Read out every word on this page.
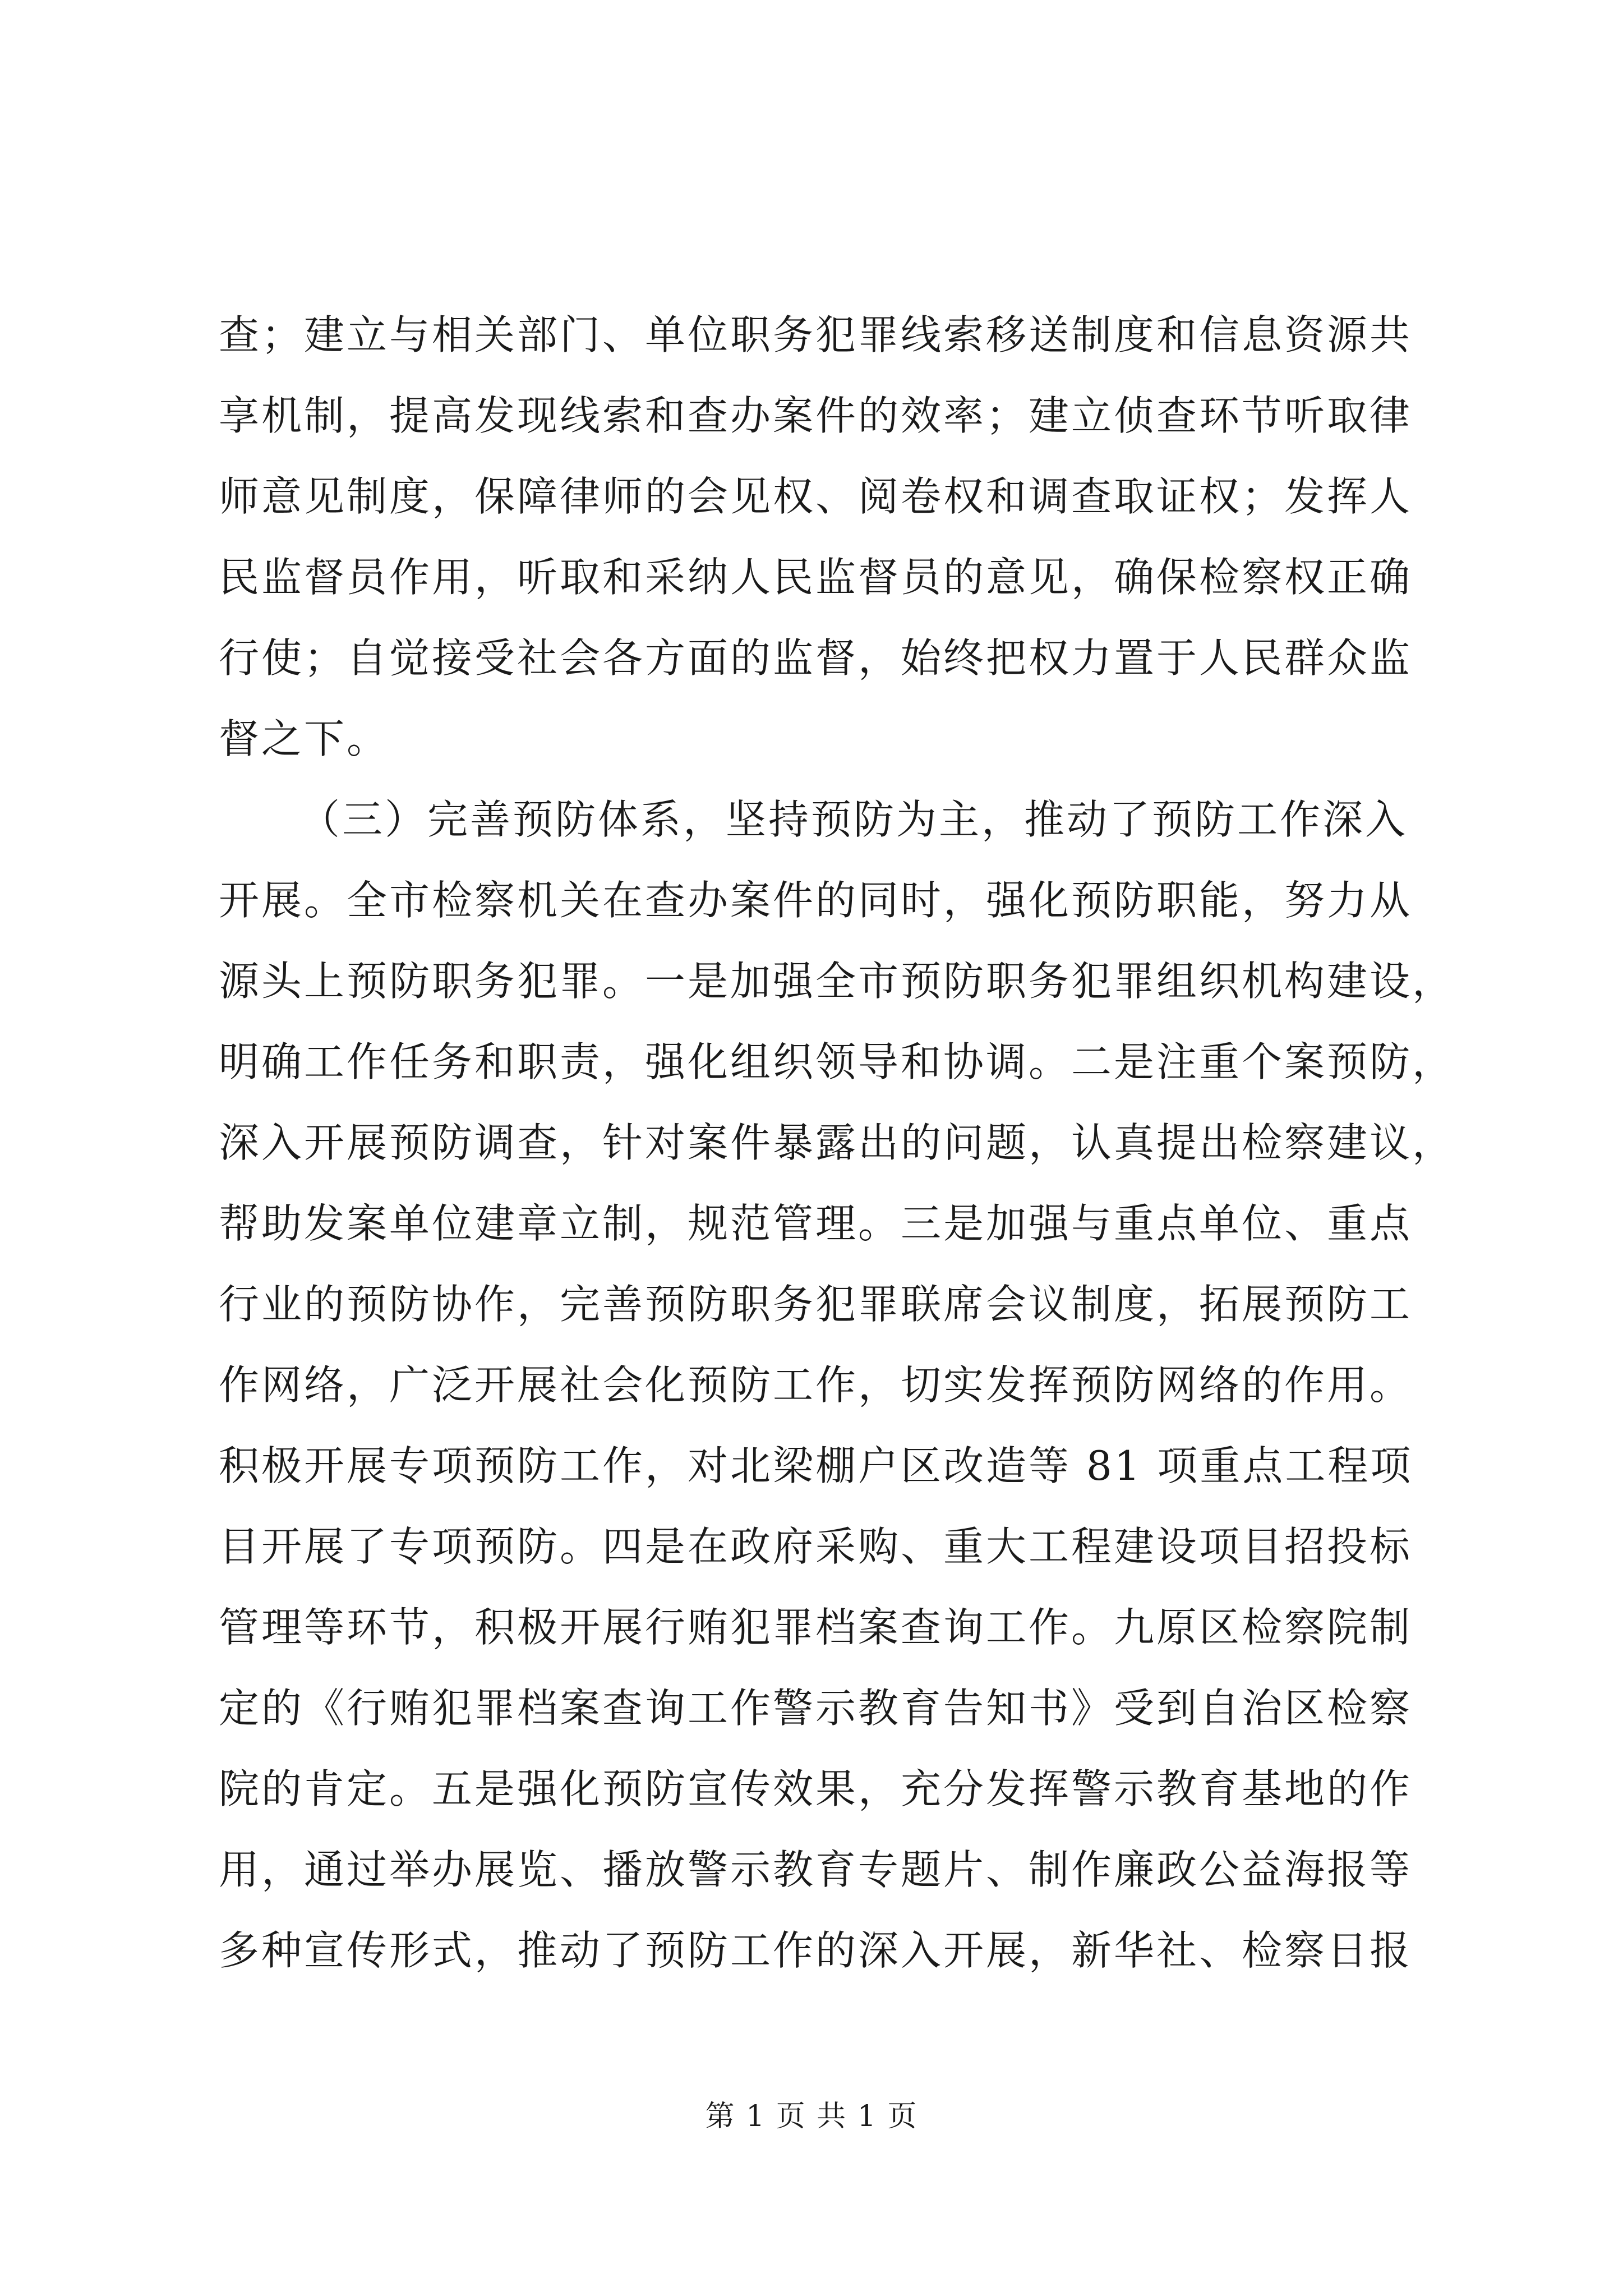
查；建立与相关部门、单位职务犯罪线索移送制度和信息资源共
享机制，提高发现线索和查办案件的效率；建立侦查环节听取律
师意见制度，保障律师的会见权、阅卷权和调查取证权；发挥人
民监督员作用，听取和采纳人民监督员的意见，确保检察权正确
行使；自觉接受社会各方面的监督，始终把权力置于人民群众监
督之下。
（三）完善预防体系，坚持预防为主，推动了预防工作深入
开展。全市检察机关在查办案件的同时，强化预防职能，努力从
源头上预防职务犯罪。一是加强全市预防职务犯罪组织机构建设，
明确工作任务和职责，强化组织领导和协调。二是注重个案预防，
深入开展预防调查，针对案件暴露出的问题，认真提出检察建议，
帮助发案单位建章立制，规范管理。三是加强与重点单位、重点
行业的预防协作，完善预防职务犯罪联席会议制度，拓展预防工
作网络，广泛开展社会化预防工作，切实发挥预防网络的作用。
积极开展专项预防工作，对北梁棚户区改造等 81 项重点工程项
目开展了专项预防。四是在政府采购、重大工程建设项目招投标
管理等环节，积极开展行贿犯罪档案查询工作。九原区检察院制
定的《行贿犯罪档案查询工作警示教育告知书》受到自治区检察
院的肯定。五是强化预防宣传效果，充分发挥警示教育基地的作
用，通过举办展览、播放警示教育专题片、制作廉政公益海报等
多种宣传形式，推动了预防工作的深入开展，新华社、检察日报
第 1 页 共 1 页
